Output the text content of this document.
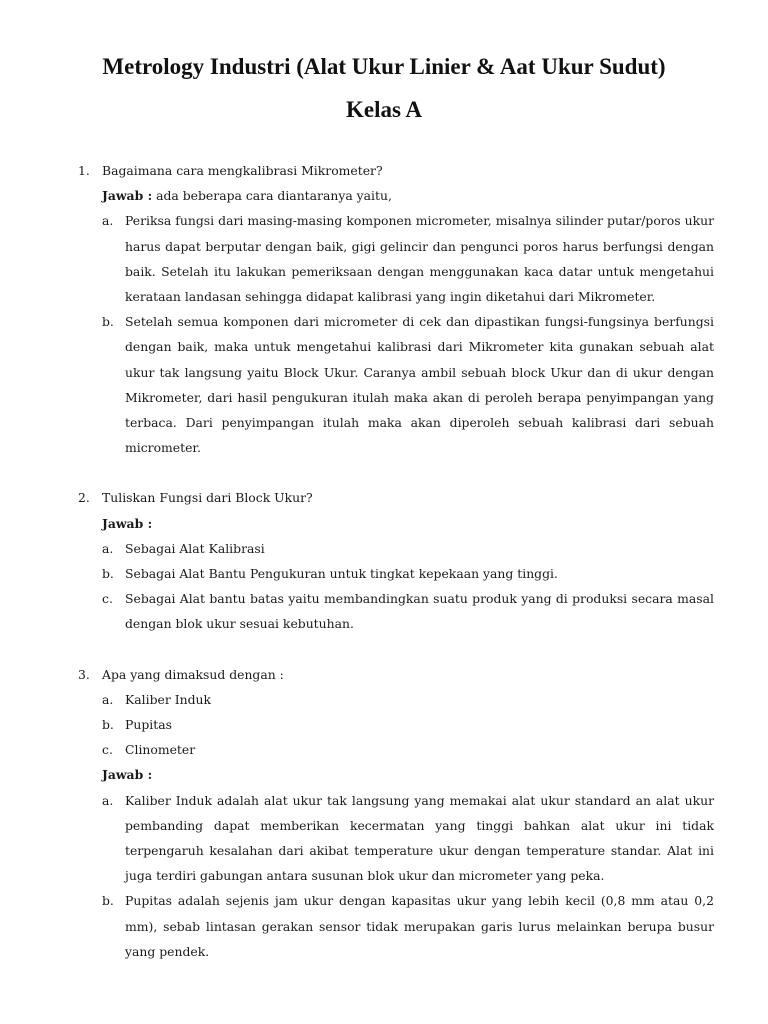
Metrology Industri (Alat Ukur Linier & Aat Ukur Sudut)
Kelas A
1. Bagaimana cara mengkalibrasi Mikrometer?
Jawab : ada beberapa cara diantaranya yaitu,
a. Periksa fungsi dari masing-masing komponen micrometer, misalnya silinder putar/poros ukur harus dapat berputar dengan baik, gigi gelincir dan pengunci poros harus berfungsi dengan baik. Setelah itu lakukan pemeriksaan dengan menggunakan kaca datar untuk mengetahui kerataan landasan sehingga didapat kalibrasi yang ingin diketahui dari Mikrometer.
b. Setelah semua komponen dari micrometer di cek dan dipastikan fungsi-fungsinya berfungsi dengan baik, maka untuk mengetahui kalibrasi dari Mikrometer kita gunakan sebuah alat ukur tak langsung yaitu Block Ukur. Caranya ambil sebuah block Ukur dan di ukur dengan Mikrometer, dari hasil pengukuran itulah maka akan di peroleh berapa penyimpangan yang terbaca. Dari penyimpangan itulah maka akan diperoleh sebuah kalibrasi dari sebuah micrometer.
2. Tuliskan Fungsi dari Block Ukur?
Jawab :
a. Sebagai Alat Kalibrasi
b. Sebagai Alat Bantu Pengukuran untuk tingkat kepekaan yang tinggi.
c. Sebagai Alat bantu batas yaitu membandingkan suatu produk yang di produksi secara masal dengan blok ukur sesuai kebutuhan.
3. Apa yang dimaksud dengan :
a. Kaliber Induk
b. Pupitas
c. Clinometer
Jawab :
a. Kaliber Induk adalah alat ukur tak langsung yang memakai alat ukur standard an alat ukur pembanding dapat memberikan kecermatan yang tinggi bahkan alat ukur ini tidak terpengaruh kesalahan dari akibat temperature ukur dengan temperature standar. Alat ini juga terdiri gabungan antara susunan blok ukur dan micrometer yang peka.
b. Pupitas adalah sejenis jam ukur dengan kapasitas ukur yang lebih kecil (0,8 mm atau 0,2 mm), sebab lintasan gerakan sensor tidak merupakan garis lurus melainkan berupa busur yang pendek.
